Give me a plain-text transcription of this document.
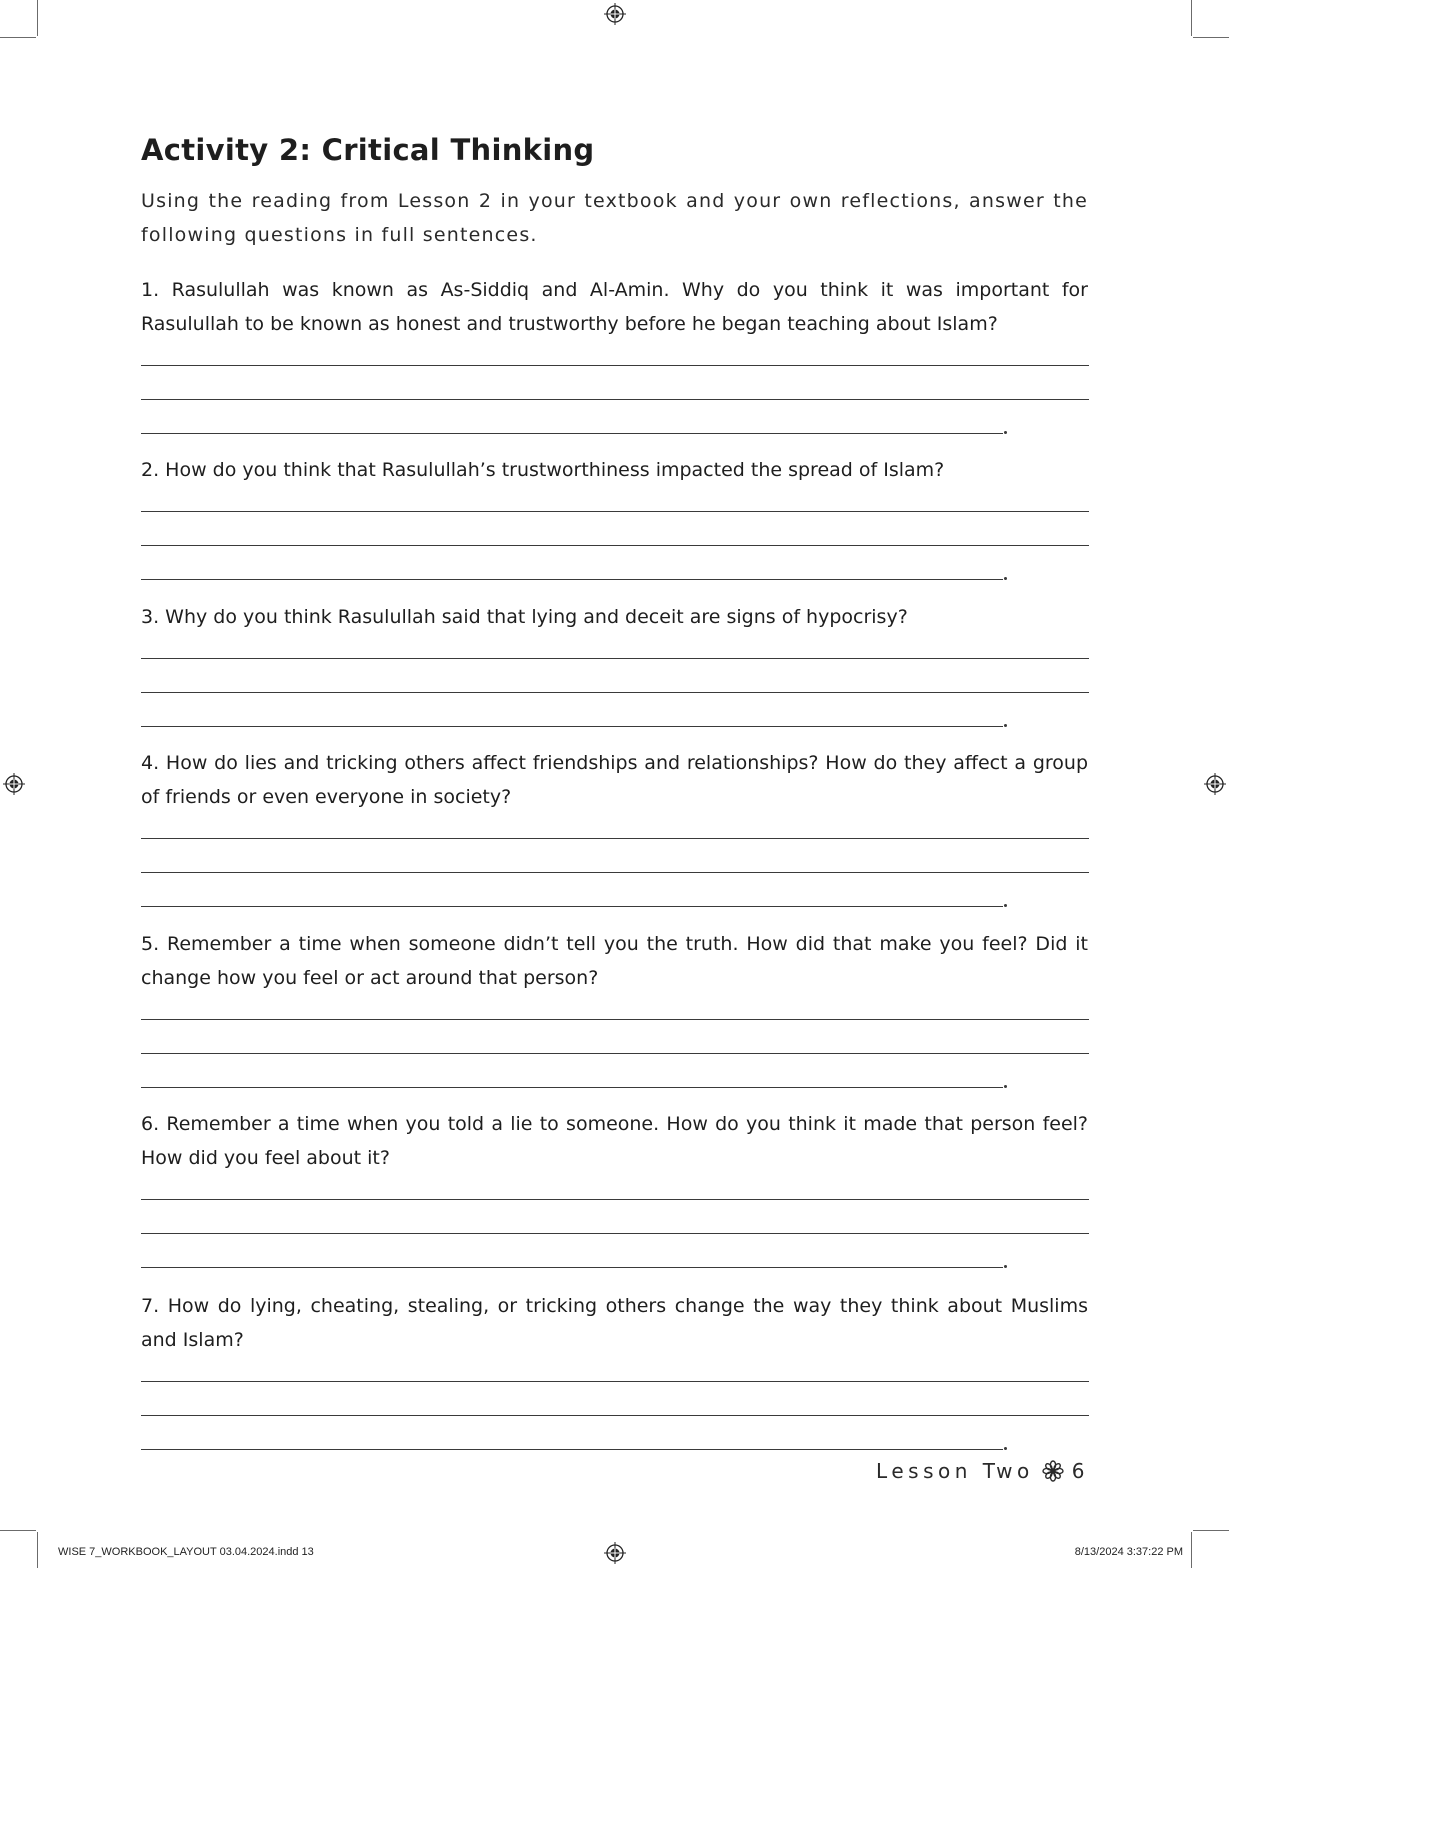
Activity 2: Critical Thinking

Using the reading from Lesson 2 in your textbook and your own reflections, answer the following questions in full sentences.

1. Rasulullah was known as As-Siddiq and Al-Amin. Why do you think it was important for Rasulullah to be known as honest and trustworthy before he began teaching about Islam?

2. How do you think that Rasulullah’s trustworthiness impacted the spread of Islam?

3. Why do you think Rasulullah said that lying and deceit are signs of hypocrisy?

4. How do lies and tricking others affect friendships and relationships? How do they affect a group of friends or even everyone in society?

5. Remember a time when someone didn’t tell you the truth. How did that make you feel? Did it change how you feel or act around that person?

6. Remember a time when you told a lie to someone. How do you think it made that person feel? How did you feel about it?

7. How do lying, cheating, stealing, or tricking others change the way they think about Muslims and Islam?

Lesson Two 6
WISE 7_WORKBOOK_LAYOUT 03.04.2024.indd 13	8/13/2024 3:37:22 PM
